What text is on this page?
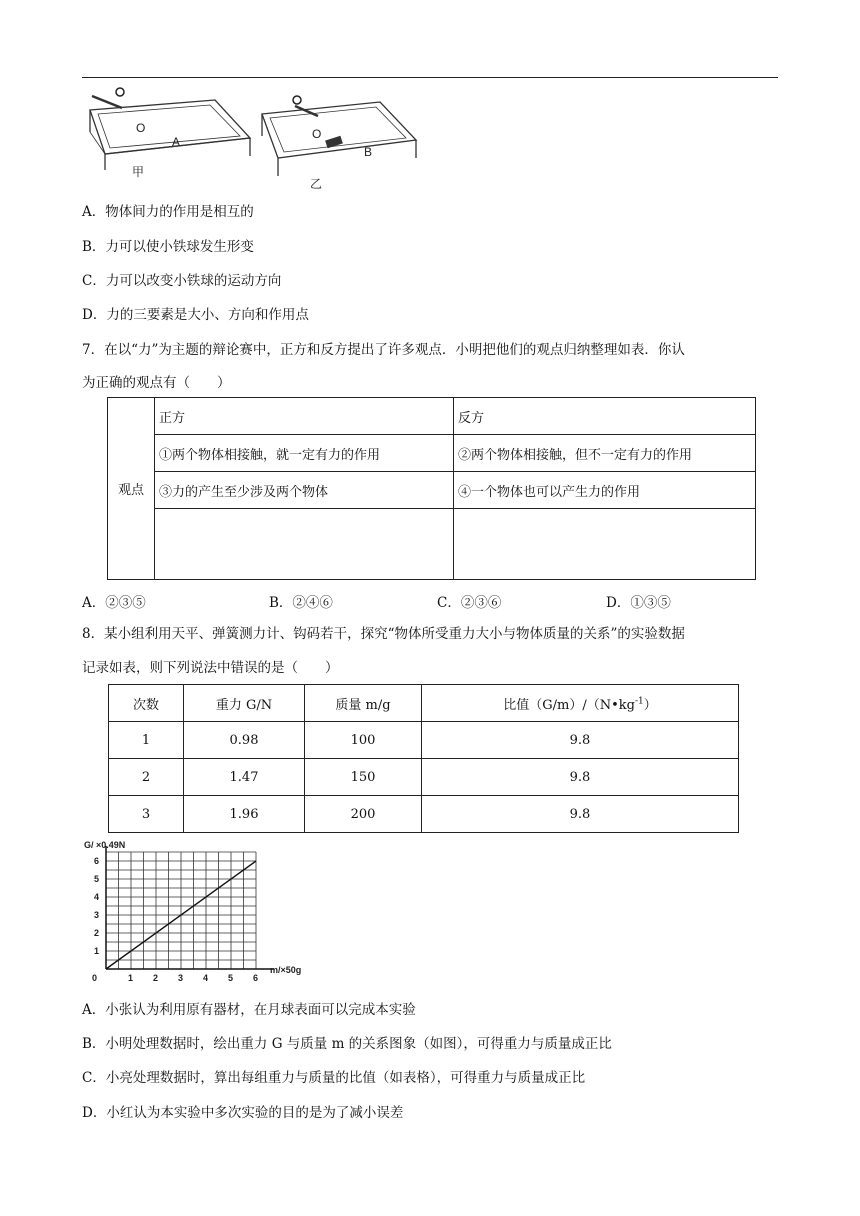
O
A
甲
O
B
乙
A．物体间力的作用是相互的
B．力可以使小铁球发生形变
C．力可以改变小铁球的运动方向
D．力的三要素是大小、方向和作用点
7．在以“力”为主题的辩论赛中，正方和反方提出了许多观点．小明把他们的观点归纳整理如表．你认
为正确的观点有（　　）
观点	正方	反方
	①两个物体相接触，就一定有力的作用	②两个物体相接触，但不一定有力的作用
	③力的产生至少涉及两个物体	④一个物体也可以产生力的作用

A．②③⑤	B．②④⑥	C．②③⑥	D．①③⑤
8．某小组利用天平、弹簧测力计、钩码若干，探究“物体所受重力大小与物体质量的关系”的实验数据
记录如表，则下列说法中错误的是（　　）
次数	重力 G/N	质量 m/g	比值$(G/m)/(N•kg^{-1})$
1	0.98	100	9.8
2	1.47	150	9.8
3	1.96	200	9.8
1
2
3
4
5
6
0	1 2 3 4 5 6
G/ ×0.49N
m/×50g
A．小张认为利用原有器材，在月球表面可以完成本实验
B．小明处理数据时，绘出重力 G 与质量 m 的关系图象（如图），可得重力与质量成正比
C．小亮处理数据时，算出每组重力与质量的比值（如表格），可得重力与质量成正比
D．小红认为本实验中多次实验的目的是为了减小误差
